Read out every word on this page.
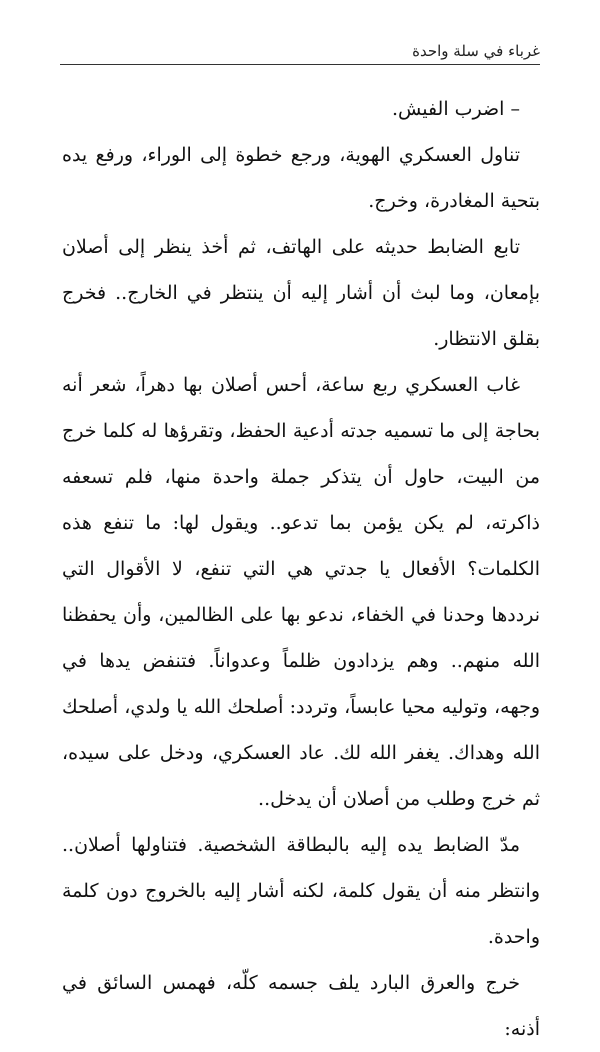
غرباء في سلة واحدة

– اضرب الفيش.

تناول العسكري الهوية، ورجع خطوة إلى الوراء، ورفع يده بتحية المغادرة، وخرج.

تابع الضابط حديثه على الهاتف، ثم أخذ ينظر إلى أصلان بإمعان، وما لبث أن أشار إليه أن ينتظر في الخارج.. فخرج بقلق الانتظار.

غاب العسكري ربع ساعة، أحس أصلان بها دهراً، شعر أنه بحاجة إلى ما تسميه جدته أدعية الحفظ، وتقرؤها له كلما خرج من البيت، حاول أن يتذكر جملة واحدة منها، فلم تسعفه ذاكرته، لم يكن يؤمن بما تدعو.. ويقول لها: ما تنفع هذه الكلمات؟ الأفعال يا جدتي هي التي تنفع، لا الأقوال التي نرددها وحدنا في الخفاء، ندعو بها على الظالمين، وأن يحفظنا الله منهم.. وهم يزدادون ظلماً وعدواناً. فتنفض يدها في وجهه، وتوليه محيا عابساً، وتردد: أصلحك الله يا ولدي، أصلحك الله وهداك. يغفر الله لك. عاد العسكري، ودخل على سيده، ثم خرج وطلب من أصلان أن يدخل..

مدّ الضابط يده إليه بالبطاقة الشخصية. فتناولها أصلان.. وانتظر منه أن يقول كلمة، لكنه أشار إليه بالخروج دون كلمة واحدة.

خرج والعرق البارد يلف جسمه كلّه، فهمس السائق في أذنه:
